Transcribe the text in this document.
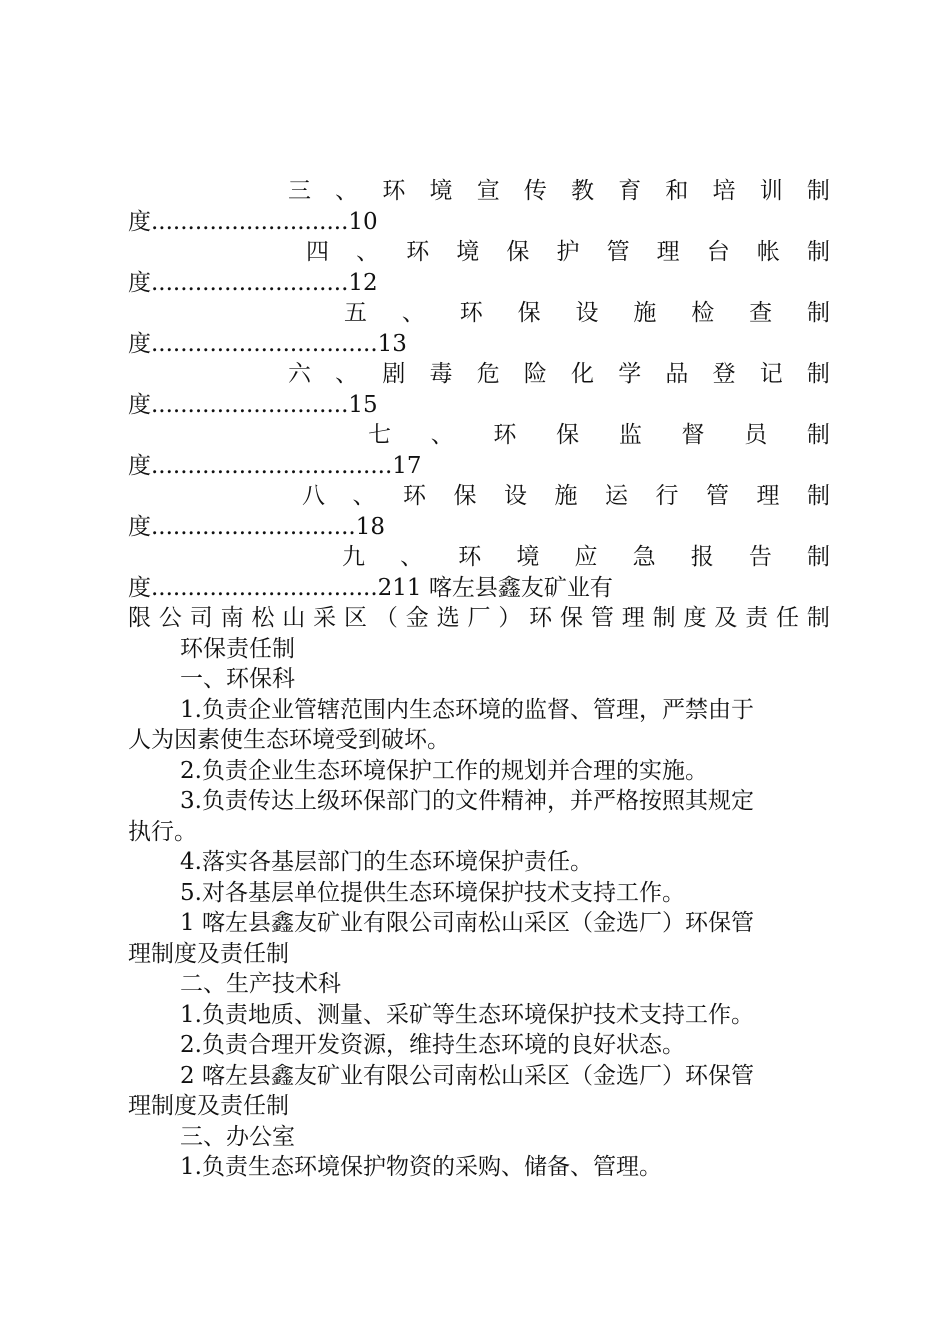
三 、 环 境 宣 传 教 育 和 培 训 制
度...........................10
四 、 环 境 保 护 管 理 台 帐 制
度...........................12
五 、 环 保 设 施 检 查 制
度...............................13
六 、 剧 毒 危 险 化 学 品 登 记 制
度...........................15
七 、 环 保 监 督 员 制
度.................................17
八 、 环 保 设 施 运 行 管 理 制
度............................18
九 、 环 境 应 急 报 告 制
度...............................211 喀左县鑫友矿业有
限 公 司 南 松 山 采 区 （ 金 选 厂 ） 环 保 管 理 制 度 及 责 任 制
环保责任制
一、环保科
1.负责企业管辖范围内生态环境的监督、管理，严禁由于
人为因素使生态环境受到破坏。
2.负责企业生态环境保护工作的规划并合理的实施。
3.负责传达上级环保部门的文件精神，并严格按照其规定
执行。
4.落实各基层部门的生态环境保护责任。
5.对各基层单位提供生态环境保护技术支持工作。
1 喀左县鑫友矿业有限公司南松山采区（金选厂）环保管
理制度及责任制
二、生产技术科
1.负责地质、测量、采矿等生态环境保护技术支持工作。
2.负责合理开发资源，维持生态环境的良好状态。
2 喀左县鑫友矿业有限公司南松山采区（金选厂）环保管
理制度及责任制
三、办公室
1.负责生态环境保护物资的采购、储备、管理。
